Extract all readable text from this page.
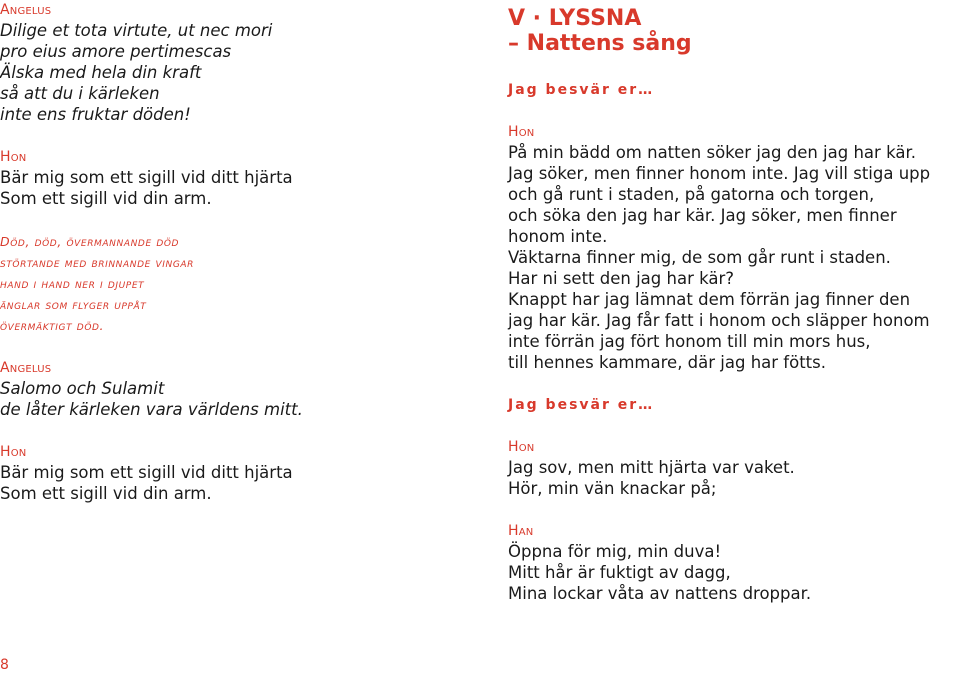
Angelus
Dilige et tota virtute, ut nec mori
pro eius amore pertimescas
Älska med hela din kraft
så att du i kärleken
inte ens fruktar döden!
Hon
Bär mig som ett sigill vid ditt hjärta
Som ett sigill vid din arm.
Död, död, övermannande död
störtande med brinnande vingar
hand i hand ner i djupet
änglar som flyger uppåt
övermäktigt död.
Angelus
Salomo och Sulamit
de låter kärleken vara världens mitt.
Hon
Bär mig som ett sigill vid ditt hjärta
Som ett sigill vid din arm.
8
V · LYSSNA
– Nattens sång
Jag besvär er…
Hon
På min bädd om natten söker jag den jag har kär.
Jag söker, men finner honom inte. Jag vill stiga upp
och gå runt i staden, på gatorna och torgen,
och söka den jag har kär. Jag söker, men finner
honom inte.
Väktarna finner mig, de som går runt i staden.
Har ni sett den jag har kär?
Knappt har jag lämnat dem förrän jag finner den
jag har kär. Jag får fatt i honom och släpper honom
inte förrän jag fört honom till min mors hus,
till hennes kammare, där jag har fötts.
Jag besvär er…
Hon
Jag sov, men mitt hjärta var vaket.
Hör, min vän knackar på;
Han
Öppna för mig, min duva!
Mitt hår är fuktigt av dagg,
Mina lockar våta av nattens droppar.
